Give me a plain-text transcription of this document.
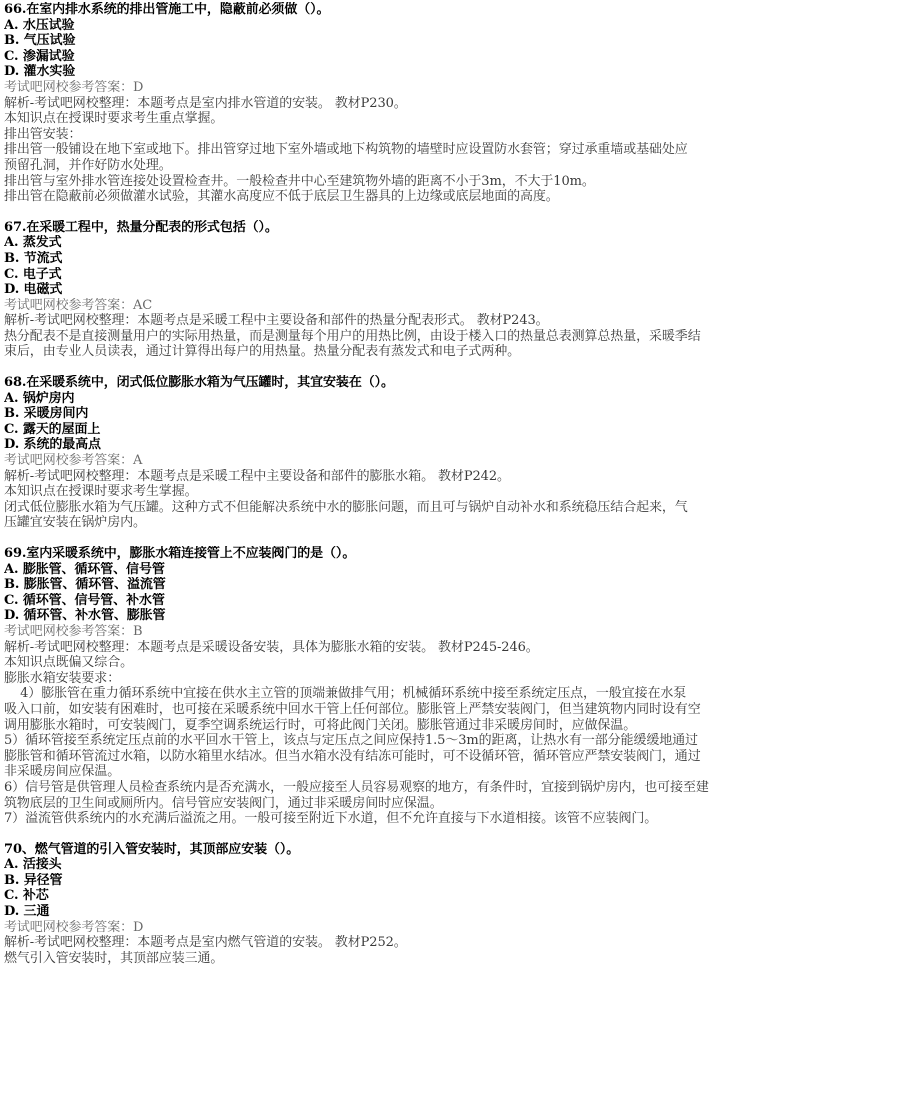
66.在室内排水系统的排出管施工中，隐蔽前必须做（）。
A. 水压试验
B. 气压试验
C. 渗漏试验
D. 灌水实验
考试吧网校参考答案：D
解析-考试吧网校整理：本题考点是室内排水管道的安装。 教材P230。
本知识点在授课时要求考生重点掌握。
排出管安装：
排出管一般铺设在地下室或地下。排出管穿过地下室外墙或地下构筑物的墙壁时应设置防水套管；穿过承重墙或基础处应
预留孔洞，并作好防水处理。
排出管与室外排水管连接处设置检查井。一般检查井中心至建筑物外墙的距离不小于3m，不大于10m。
排出管在隐蔽前必须做灌水试验，其灌水高度应不低于底层卫生器具的上边缘或底层地面的高度。
67.在采暖工程中，热量分配表的形式包括（）。
A. 蒸发式
B. 节流式
C. 电子式
D. 电磁式
考试吧网校参考答案：AC
解析-考试吧网校整理：本题考点是采暖工程中主要设备和部件的热量分配表形式。 教材P243。
热分配表不是直接测量用户的实际用热量，而是测量每个用户的用热比例，由设于楼入口的热量总表测算总热量，采暖季结
束后，由专业人员读表，通过计算得出每户的用热量。热量分配表有蒸发式和电子式两种。
68.在采暖系统中，闭式低位膨胀水箱为气压罐时，其宜安装在（）。
A. 锅炉房内
B. 采暖房间内
C. 露天的屋面上
D. 系统的最高点
考试吧网校参考答案：A
解析-考试吧网校整理：本题考点是采暖工程中主要设备和部件的膨胀水箱。 教材P242。
本知识点在授课时要求考生掌握。
闭式低位膨胀水箱为气压罐。这种方式不但能解决系统中水的膨胀问题，而且可与锅炉自动补水和系统稳压结合起来，气
压罐宜安装在锅炉房内。
69.室内采暖系统中，膨胀水箱连接管上不应装阀门的是（）。
A. 膨胀管、循环管、信号管
B. 膨胀管、循环管、溢流管
C. 循环管、信号管、补水管
D. 循环管、补水管、膨胀管
考试吧网校参考答案：B
解析-考试吧网校整理：本题考点是采暖设备安装，具体为膨胀水箱的安装。 教材P245-246。
本知识点既偏又综合。
膨胀水箱安装要求：
4）膨胀管在重力循环系统中宜接在供水主立管的顶端兼做排气用；机械循环系统中接至系统定压点，一般宜接在水泵
吸入口前，如安装有困难时，也可接在采暖系统中回水干管上任何部位。膨胀管上严禁安装阀门，但当建筑物内同时设有空
调用膨胀水箱时，可安装阀门，夏季空调系统运行时，可将此阀门关闭。膨胀管通过非采暖房间时，应做保温。
5）循环管接至系统定压点前的水平回水干管上，该点与定压点之间应保持1.5～3m的距离，让热水有一部分能缓缓地通过
膨胀管和循环管流过水箱，以防水箱里水结冰。但当水箱水没有结冻可能时，可不设循环管，循环管应严禁安装阀门，通过
非采暖房间应保温。
6）信号管是供管理人员检查系统内是否充满水，一般应接至人员容易观察的地方，有条件时，宜接到锅炉房内，也可接至建
筑物底层的卫生间或厕所内。信号管应安装阀门，通过非采暖房间时应保温。
7）溢流管供系统内的水充满后溢流之用。一般可接至附近下水道，但不允许直接与下水道相接。该管不应装阀门。
70、燃气管道的引入管安装时，其顶部应安装（）。
A. 活接头
B. 异径管
C. 补芯
D. 三通
考试吧网校参考答案：D
解析-考试吧网校整理：本题考点是室内燃气管道的安装。 教材P252。
燃气引入管安装时，其顶部应装三通。
